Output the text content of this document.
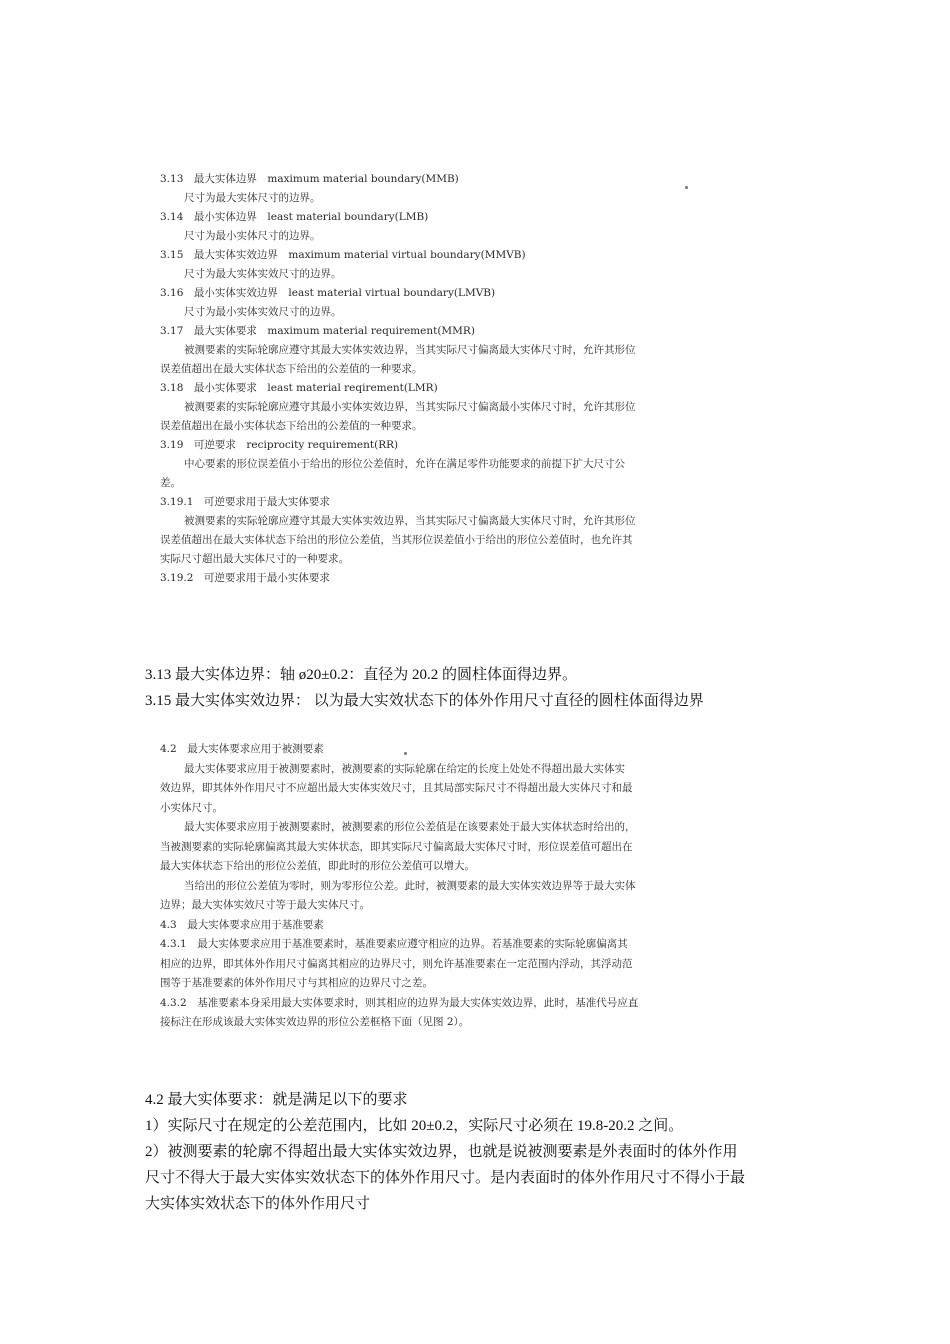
3.13　最大实体边界　maximum material boundary(MMB)
尺寸为最大实体尺寸的边界。
3.14　最小实体边界　least material boundary(LMB)
尺寸为最小实体尺寸的边界。
3.15　最大实体实效边界　maximum material virtual boundary(MMVB)
尺寸为最大实体实效尺寸的边界。
3.16　最小实体实效边界　least material virtual boundary(LMVB)
尺寸为最小实体实效尺寸的边界。
3.17　最大实体要求　maximum material requirement(MMR)
被测要素的实际轮廓应遵守其最大实体实效边界，当其实际尺寸偏离最大实体尺寸时，允许其形位
误差值超出在最大实体状态下给出的公差值的一种要求。
3.18　最小实体要求　least material reqirement(LMR)
被测要素的实际轮廓应遵守其最小实体实效边界，当其实际尺寸偏离最小实体尺寸时，允许其形位
误差值超出在最小实体状态下给出的公差值的一种要求。
3.19　可逆要求　reciprocity requirement(RR)
中心要素的形位误差值小于给出的形位公差值时，允许在满足零件功能要求的前提下扩大尺寸公
差。
3.19.1　可逆要求用于最大实体要求
被测要素的实际轮廓应遵守其最大实体实效边界，当其实际尺寸偏离最大实体尺寸时，允许其形位
误差值超出在最大实体状态下给出的形位公差值，当其形位误差值小于给出的形位公差值时，也允许其
实际尺寸超出最大实体尺寸的一种要求。
3.19.2　可逆要求用于最小实体要求
3.13 最大实体边界：轴 ø20±0.2：直径为 20.2 的圆柱体面得边界。
3.15 最大实体实效边界： 以为最大实效状态下的体外作用尺寸直径的圆柱体面得边界
4.2　最大实体要求应用于被测要素
最大实体要求应用于被测要素时，被测要素的实际轮廓在给定的长度上处处不得超出最大实体实
效边界，即其体外作用尺寸不应超出最大实体实效尺寸，且其局部实际尺寸不得超出最大实体尺寸和最
小实体尺寸。
最大实体要求应用于被测要素时，被测要素的形位公差值是在该要素处于最大实体状态时给出的，
当被测要素的实际轮廓偏离其最大实体状态，即其实际尺寸偏离最大实体尺寸时，形位误差值可超出在
最大实体状态下给出的形位公差值，即此时的形位公差值可以增大。
当给出的形位公差值为零时，则为零形位公差。此时，被测要素的最大实体实效边界等于最大实体
边界；最大实体实效尺寸等于最大实体尺寸。
4.3　最大实体要求应用于基准要素
4.3.1　最大实体要求应用于基准要素时，基准要素应遵守相应的边界。若基准要素的实际轮廓偏离其
相应的边界，即其体外作用尺寸偏离其相应的边界尺寸，则允许基准要素在一定范围内浮动，其浮动范
围等于基准要素的体外作用尺寸与其相应的边界尺寸之差。
4.3.2　基准要素本身采用最大实体要求时，则其相应的边界为最大实体实效边界，此时，基准代号应直
接标注在形成该最大实体实效边界的形位公差框格下面（见图 2）。
4.2 最大实体要求：就是满足以下的要求
1）实际尺寸在规定的公差范围内，比如 20±0.2，实际尺寸必须在 19.8-20.2 之间。
2）被测要素的轮廓不得超出最大实体实效边界，也就是说被测要素是外表面时的体外作用
尺寸不得大于最大实体实效状态下的体外作用尺寸。是内表面时的体外作用尺寸不得小于最
大实体实效状态下的体外作用尺寸
